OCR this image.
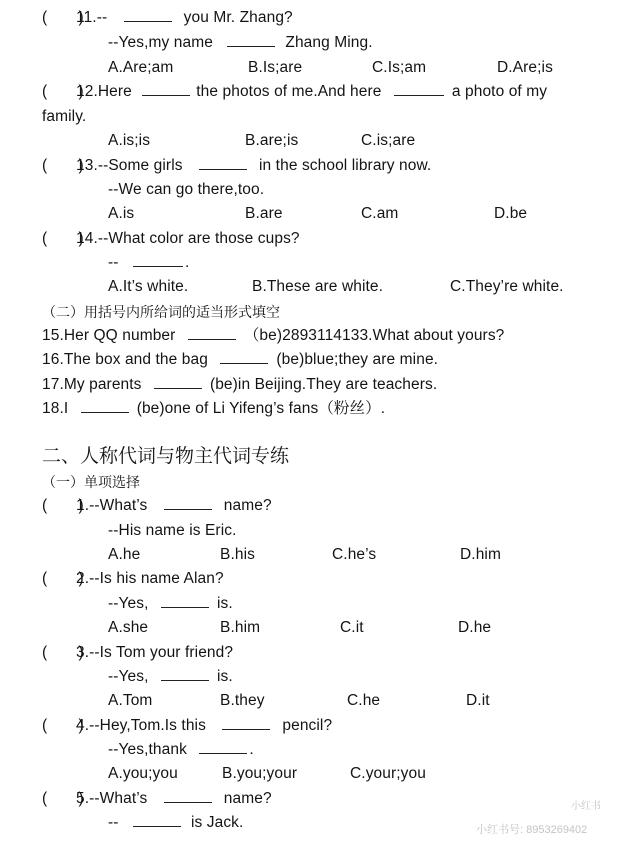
(　　)11.--	you Mr. Zhang?
--Yes,my name	Zhang Ming.
A.Are;am	B.Is;are	C.Is;am	D.Are;is
(　　)12.Here	the photos of me.And here	a photo of my
family.
A.is;is	B.are;is	C.is;are
(　　)13.--Some girls	in the school library now.
--We can go there,too.
A.is	B.are	C.am	D.be
(　　)14.--What color are those cups?
--	.
A.It’s white.	B.These are white.	C.They’re white.
（二）用括号内所给词的适当形式填空
15.Her QQ number	（be)2893114133.What about yours?
16.The box and the bag	(be)blue;they are mine.
17.My parents	(be)in Beijing.They are teachers.
18.I	(be)one of Li Yifeng’s fans（粉丝）.
二、人称代词与物主代词专练
（一）单项选择
(　　)1.--What’s	name?
--His name is Eric.
A.he	B.his	C.he’s	D.him
(　　)2.--Is his name Alan?
--Yes,	is.
A.she	B.him	C.it	D.he
(　　)3.--Is Tom your friend?
--Yes,	is.
A.Tom	B.they	C.he	D.it
(　　)4.--Hey,Tom.Is this	pencil?
--Yes,thank	.
A.you;you	B.you;your	C.your;you
(　　)5.--What’s	name?
--	is Jack.
小红书
小红书号: 8953269402
